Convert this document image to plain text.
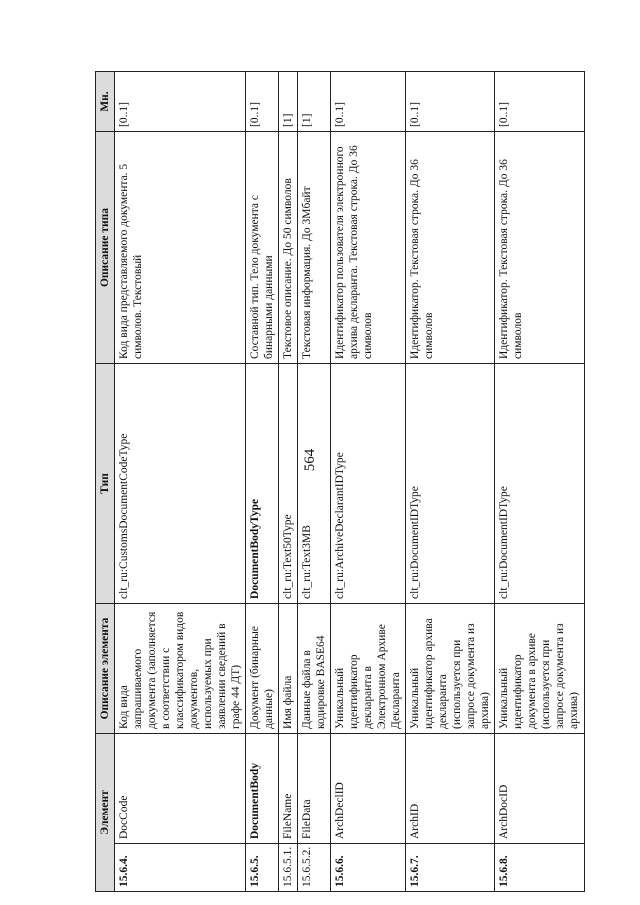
564
Элемент		Описание элемента	Тип	Описание типа	Мн.
15.6.4.	DocCode	Код вида запрашиваемого документа (заполняется в соответствии с классификатором видов документов, используемых при заявлении сведений в графе 44 ДТ)	clt_ru:CustomsDocumentCodeType	Код вида представляемого документа. 5 символов. Текстовый	[0..1]
15.6.5.	DocumentBody	Документ (бинарные данные)	DocumentBodyType	Составной тип. Тело документа с бинарными данными	[0..1]
15.6.5.1.	FileName	Имя файла	clt_ru:Text50Type	Текстовое описание. До 50 символов	[1]
15.6.5.2.	FileData	Данные файла в кодировке BASE64	clt_ru:Text3MB	Текстовая информация. До 3Мбайт	[1]
15.6.6.	ArchDeclID	Уникальный идентификатор декларанта в Электронном Архиве Декларанта	clt_ru:ArchiveDeclarantIDType	Идентификатор пользователя электронного архива декларанта. Текстовая строка. До 36 символов	[0..1]
15.6.7.	ArchID	Уникальный идентификатор архива декларанта (используется при запросе документа из архива)	clt_ru:DocumentIDType	Идентификатор. Текстовая строка. До 36 символов	[0..1]
15.6.8.	ArchDocID	Уникальный идентификатор документа в архиве (используется при запросе документа из архива)	clt_ru:DocumentIDType	Идентификатор. Текстовая строка. До 36 символов	[0..1]
